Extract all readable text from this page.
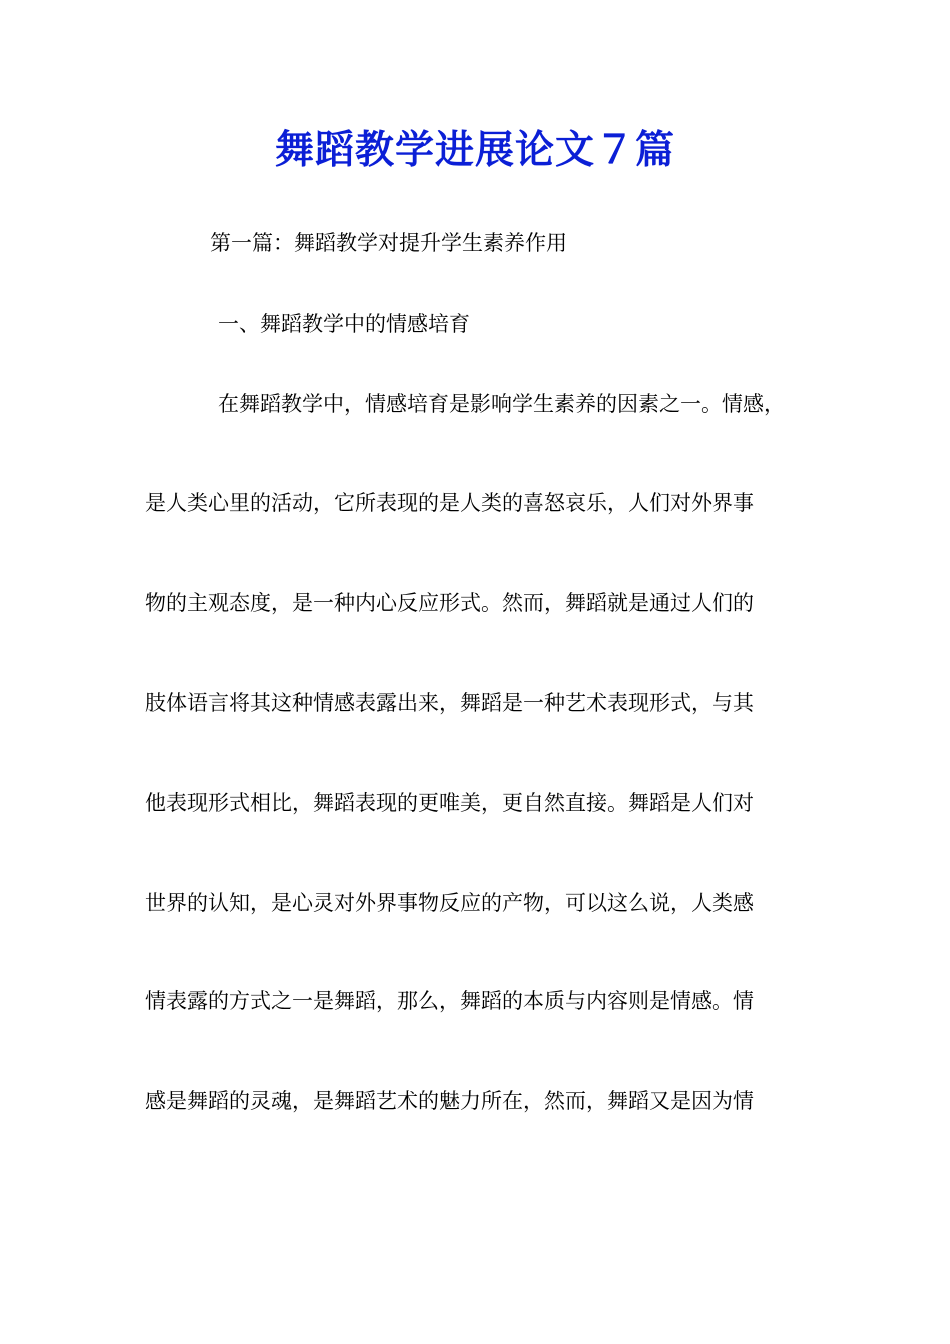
舞蹈教学进展论文７篇
第一篇：舞蹈教学对提升学生素养作用
一、舞蹈教学中的情感培育
在舞蹈教学中，情感培育是影响学生素养的因素之一。情感，
是人类心里的活动，它所表现的是人类的喜怒哀乐，人们对外界事
物的主观态度，是一种内心反应形式。然而，舞蹈就是通过人们的
肢体语言将其这种情感表露出来，舞蹈是一种艺术表现形式，与其
他表现形式相比，舞蹈表现的更唯美，更自然直接。舞蹈是人们对
世界的认知，是心灵对外界事物反应的产物，可以这么说，人类感
情表露的方式之一是舞蹈，那么，舞蹈的本质与内容则是情感。情
感是舞蹈的灵魂，是舞蹈艺术的魅力所在，然而，舞蹈又是因为情
